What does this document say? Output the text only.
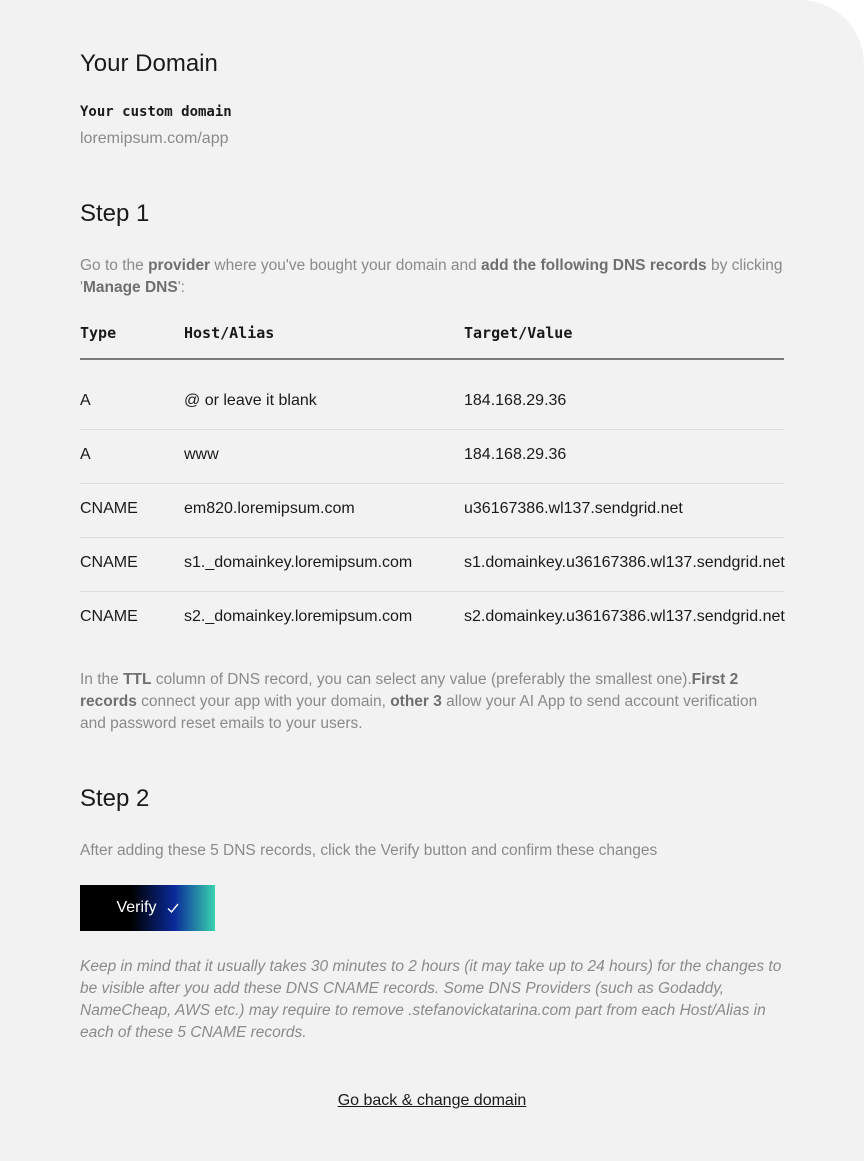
Your Domain
Your custom domain
loremipsum.com/app
Step 1

Go to the provider where you've bought your domain and add the following DNS records by clicking 'Manage DNS':

Type	Host/Alias	Target/Value
A	@ or leave it blank	184.168.29.36
A	www	184.168.29.36
CNAME	em820.loremipsum.com	u36167386.wl137.sendgrid.net
CNAME	s1._domainkey.loremipsum.com	s1.domainkey.u36167386.wl137.sendgrid.net
CNAME	s2._domainkey.loremipsum.com	s2.domainkey.u36167386.wl137.sendgrid.net

In the TTL column of DNS record, you can select any value (preferably the smallest one).First 2 records connect your app with your domain, other 3 allow your AI App to send account verification and password reset emails to your users.

Step 2

After adding these 5 DNS records, click the Verify button and confirm these changes

Verify

Keep in mind that it usually takes 30 minutes to 2 hours (it may take up to 24 hours) for the changes to be visible after you add these DNS CNAME records. Some DNS Providers (such as Godaddy, NameCheap, AWS etc.) may require to remove .stefanovickatarina.com part from each Host/Alias in each of these 5 CNAME records.

Go back & change domain
